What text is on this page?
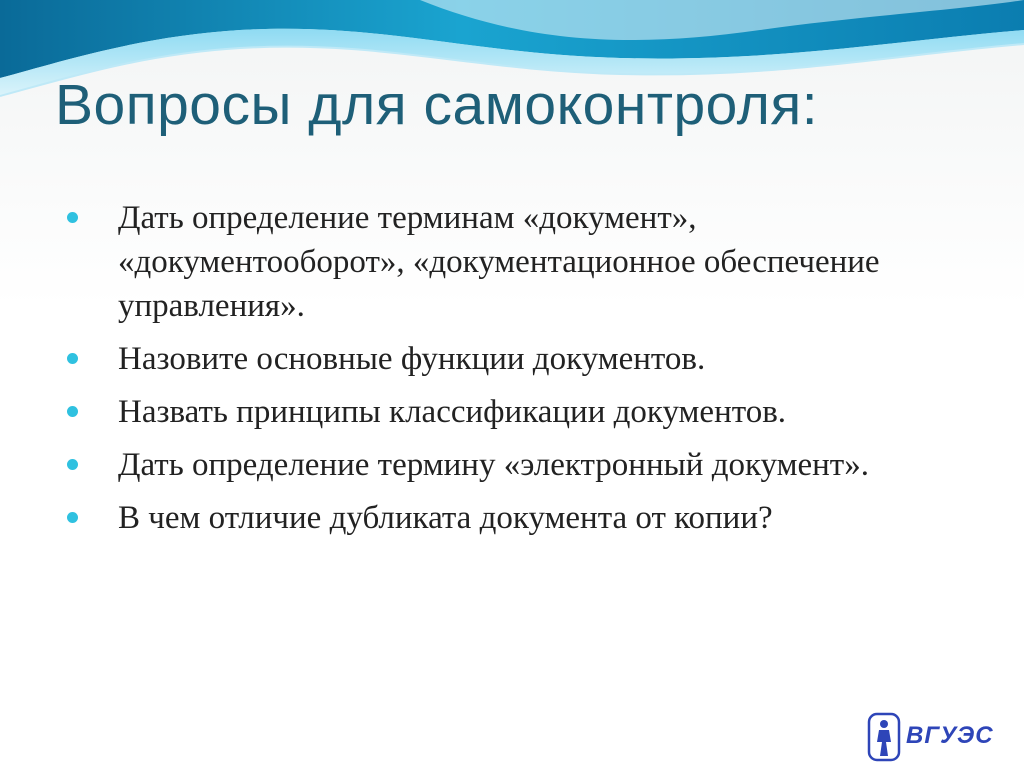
Вопросы для самоконтроля:
Дать определение терминам «документ», «документооборот», «документационное обеспечение управления».
Назовите основные функции документов.
Назвать принципы классификации документов.
Дать определение термину «электронный документ».
В чем отличие дубликата документа от копии?
ВГУЭС
